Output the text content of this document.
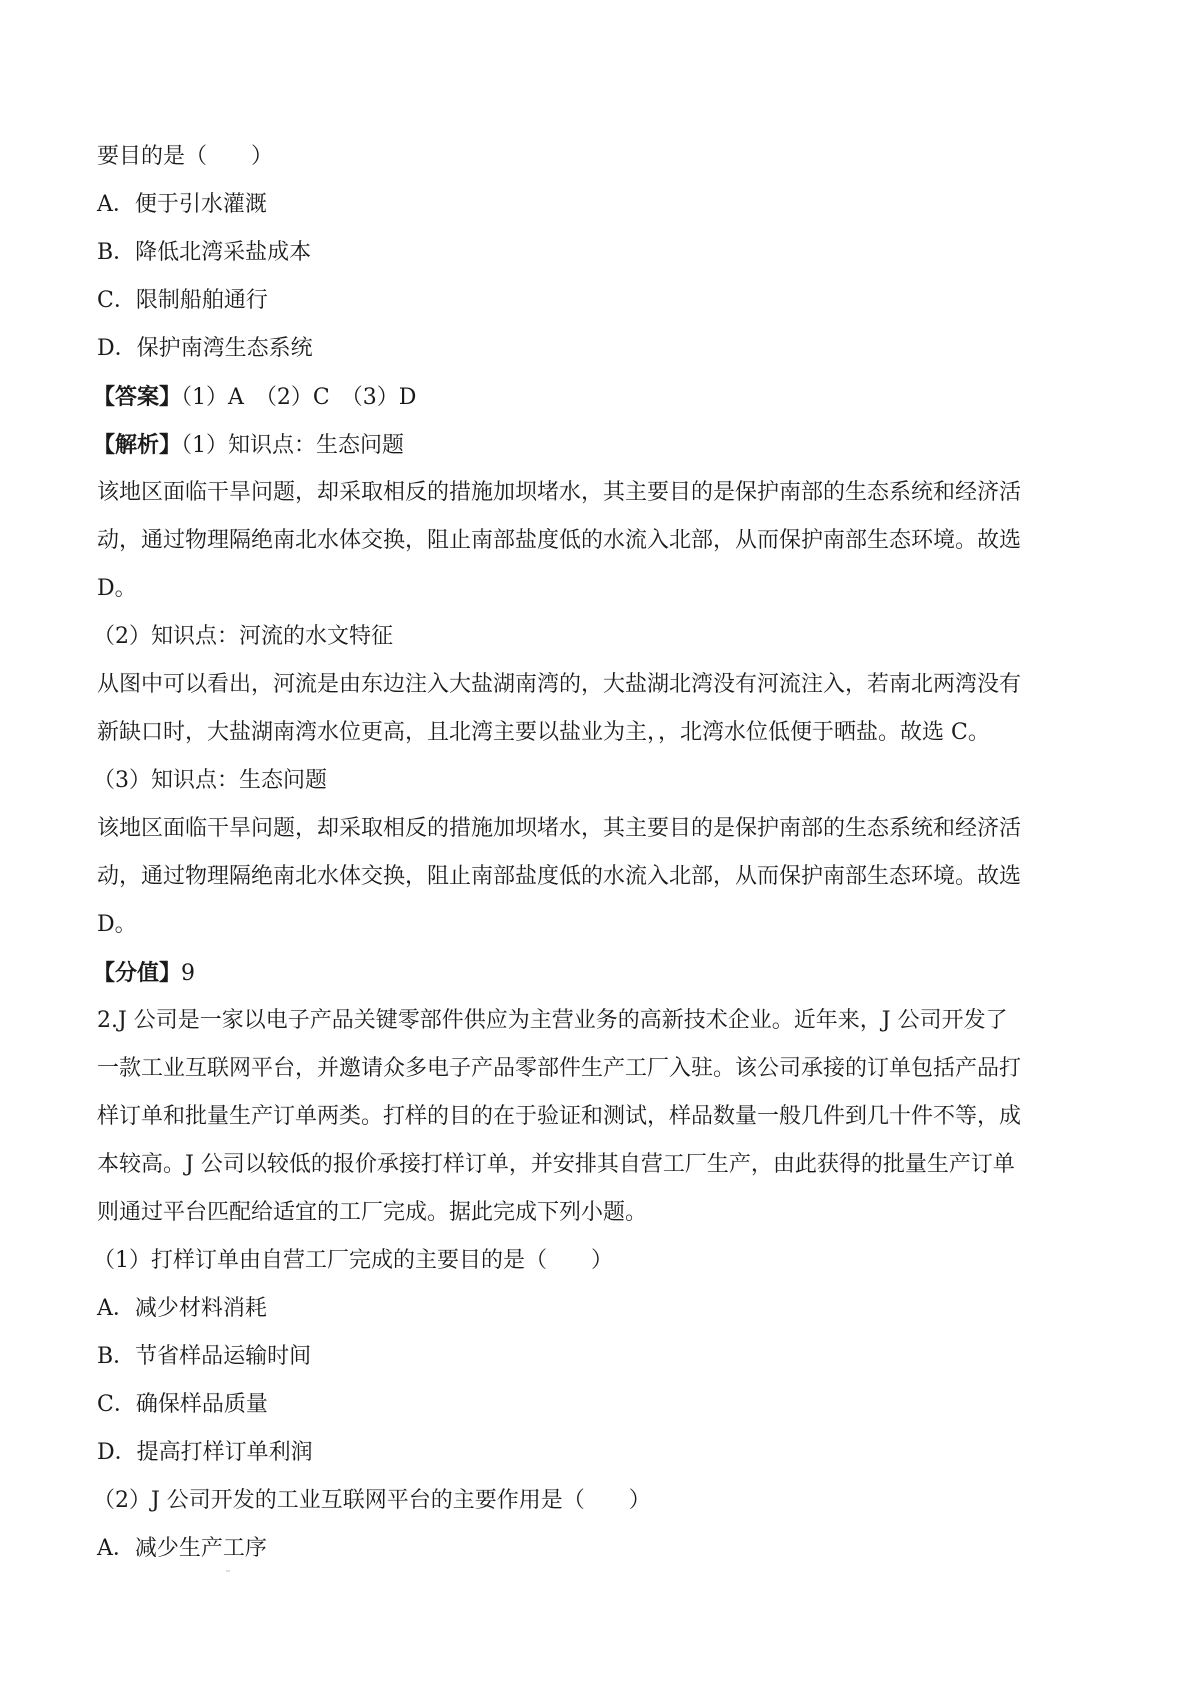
要目的是（　　）
A．便于引水灌溉
B．降低北湾采盐成本
C．限制船舶通行
D．保护南湾生态系统
【答案】（1）A　（2）C　（3）D
【解析】（1）知识点：生态问题
该地区面临干旱问题，却采取相反的措施加坝堵水，其主要目的是保护南部的生态系统和经济活
动，通过物理隔绝南北水体交换，阻止南部盐度低的水流入北部，从而保护南部生态环境。故选
D。
（2）知识点：河流的水文特征
从图中可以看出，河流是由东边注入大盐湖南湾的，大盐湖北湾没有河流注入，若南北两湾没有
新缺口时，大盐湖南湾水位更高，且北湾主要以盐业为主，，北湾水位低便于晒盐。故选 C。
（3）知识点：生态问题
该地区面临干旱问题，却采取相反的措施加坝堵水，其主要目的是保护南部的生态系统和经济活
动，通过物理隔绝南北水体交换，阻止南部盐度低的水流入北部，从而保护南部生态环境。故选
D。
【分值】9
2.J 公司是一家以电子产品关键零部件供应为主营业务的高新技术企业。近年来，J 公司开发了
一款工业互联网平台，并邀请众多电子产品零部件生产工厂入驻。该公司承接的订单包括产品打
样订单和批量生产订单两类。打样的目的在于验证和测试，样品数量一般几件到几十件不等，成
本较高。J 公司以较低的报价承接打样订单，并安排其自营工厂生产，由此获得的批量生产订单
则通过平台匹配给适宜的工厂完成。据此完成下列小题。
（1）打样订单由自营工厂完成的主要目的是（　　）
A．减少材料消耗
B．节省样品运输时间
C．确保样品质量
D．提高打样订单利润
（2）J 公司开发的工业互联网平台的主要作用是（　　）
A．减少生产工序
